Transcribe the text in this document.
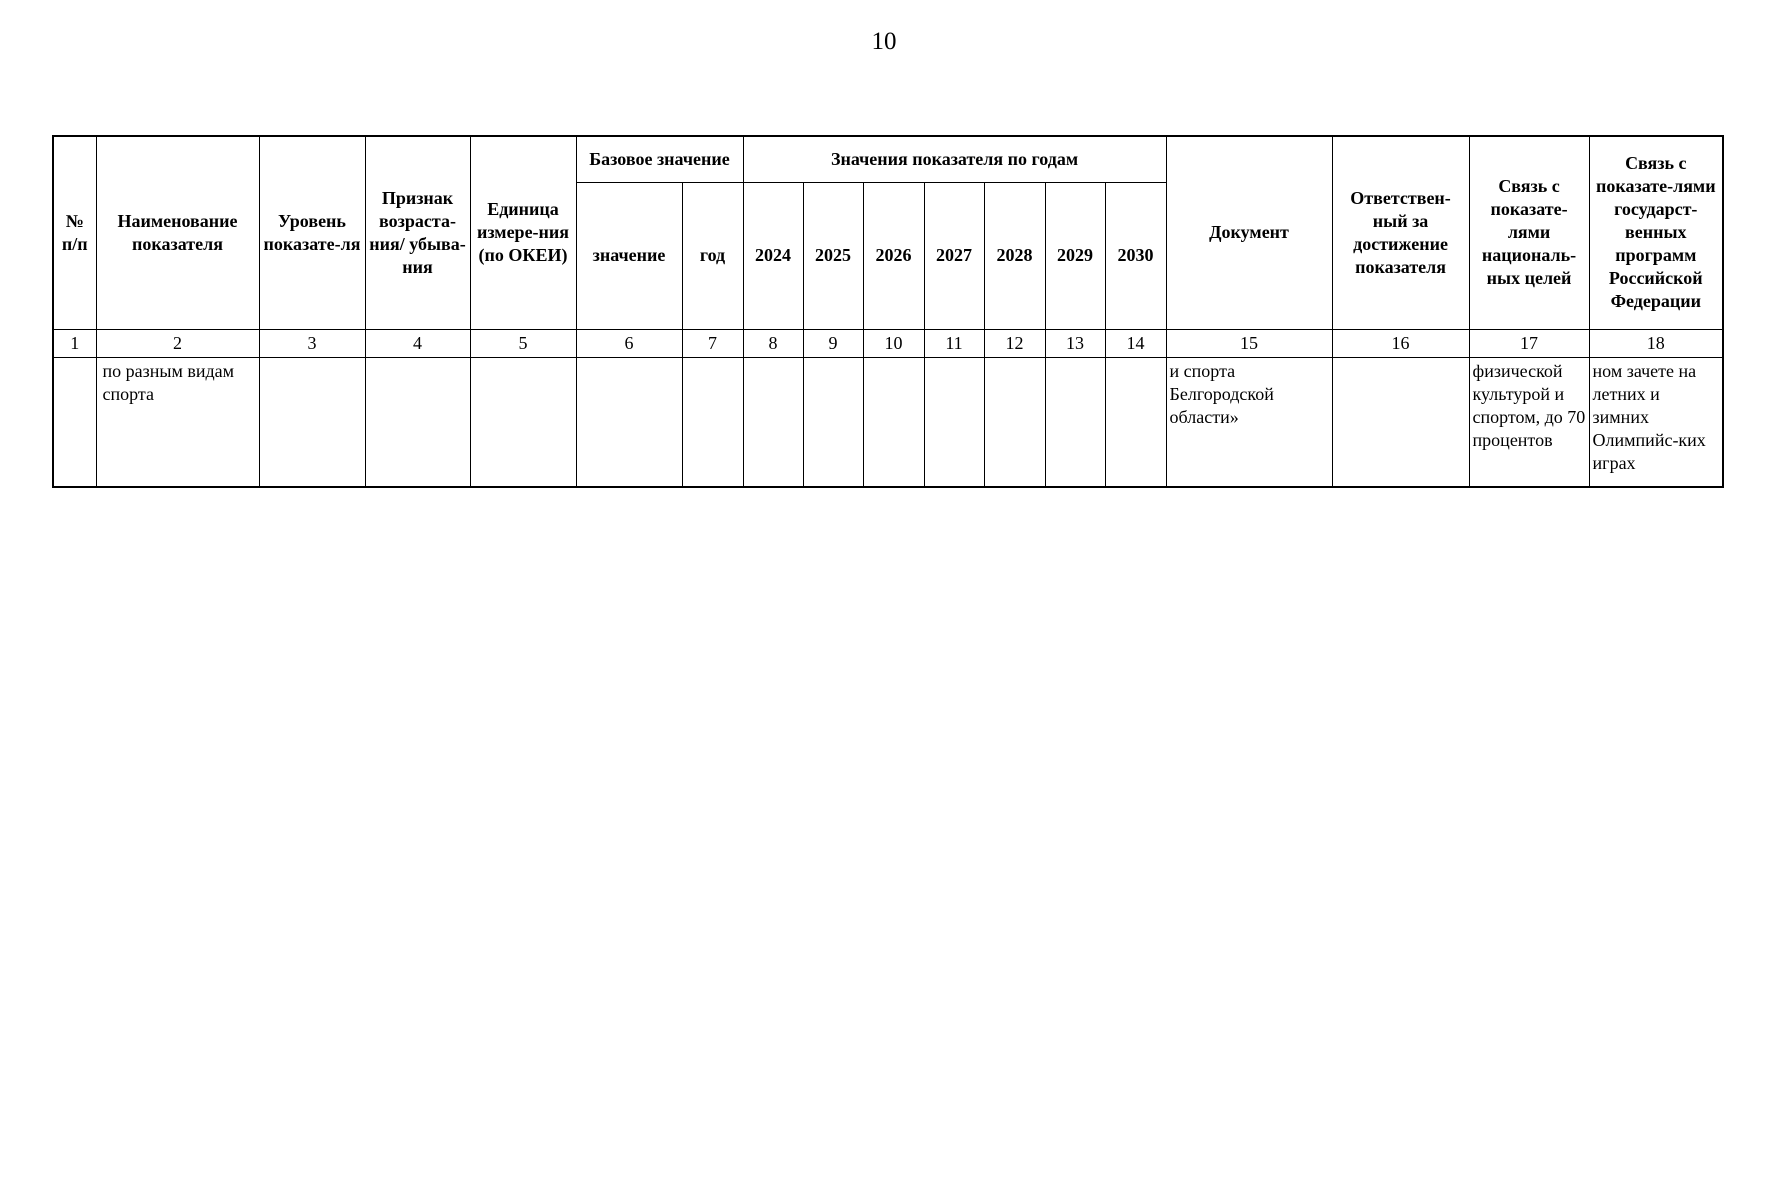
10
№ п/п	Наименование показателя	Уровень показате-ля	Признак возраста-ния/ убыва-ния	Единица измере-ния (по ОКЕИ)	Базовое значение		Значения показателя по годам							Документ	Ответствен-ный за достижение показателя	Связь с показате-лями националь-ных целей	Связь с показате-лями государст-венных программ Российской Федерации
					значение	год	2024	2025	2026	2027	2028	2029	2030				
1	2	3	4	5	6	7	8	9	10	11	12	13	14	15	16	17	18
	по разным видам спорта													и спорта Белгородской области»		физической культурой и спортом, до 70 процентов	ном зачете на летних и зимних Олимпийс-ких играх
